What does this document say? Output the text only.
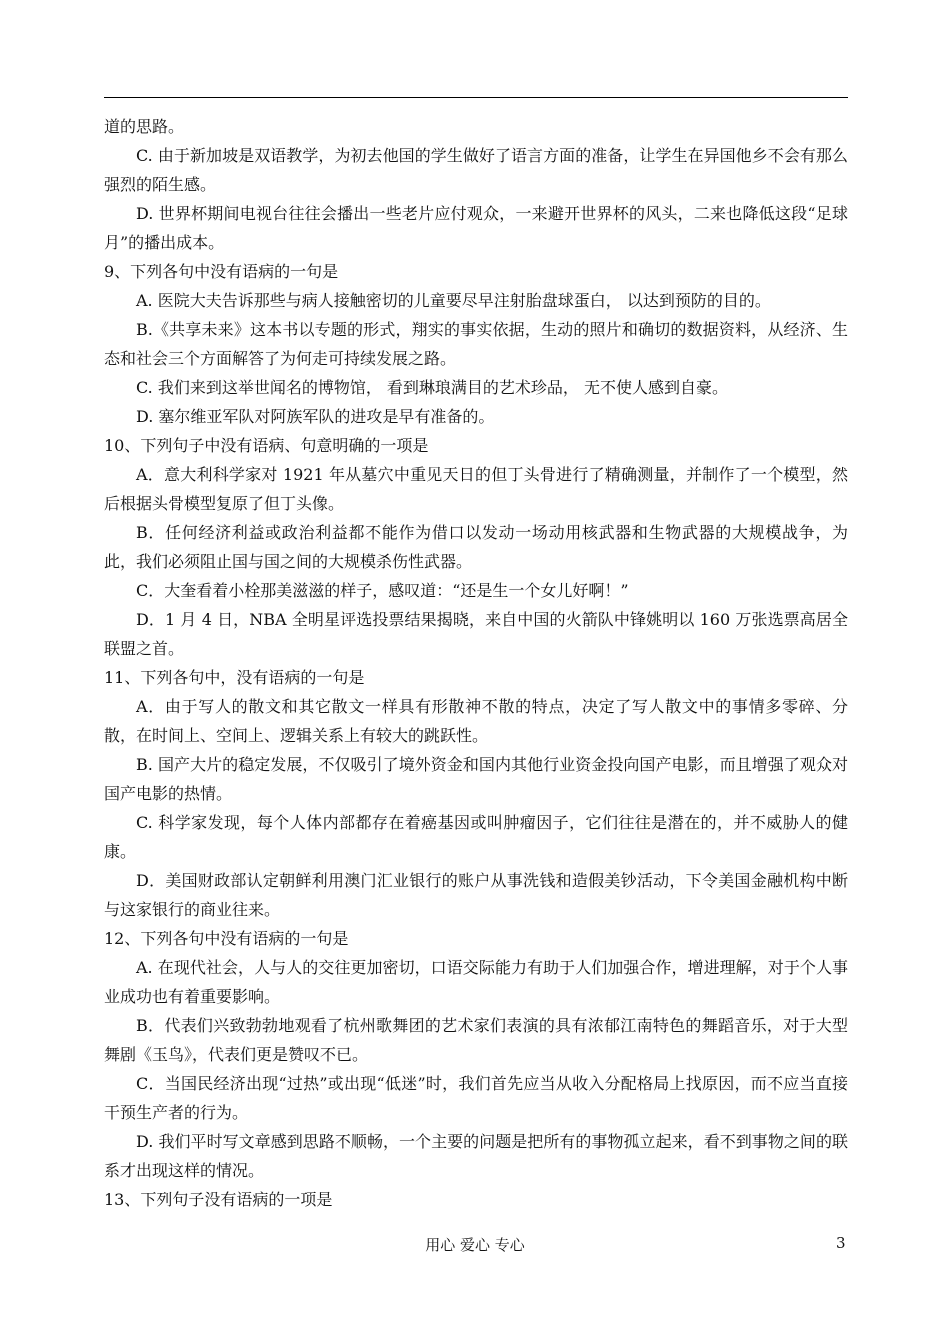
道的思路。

C. 由于新加坡是双语教学，为初去他国的学生做好了语言方面的准备，让学生在异国他乡不会有那么强烈的陌生感。

D. 世界杯期间电视台往往会播出一些老片应付观众，一来避开世界杯的风头，二来也降低这段“足球月”的播出成本。

9、下列各句中没有语病的一句是

A. 医院大夫告诉那些与病人接触密切的儿童要尽早注射胎盘球蛋白， 以达到预防的目的。

B.《共享未来》这本书以专题的形式，翔实的事实依据，生动的照片和确切的数据资料，从经济、生态和社会三个方面解答了为何走可持续发展之路。

C. 我们来到这举世闻名的博物馆， 看到琳琅满目的艺术珍品， 无不使人感到自豪。

D. 塞尔维亚军队对阿族军队的进攻是早有准备的。

10、下列句子中没有语病、句意明确的一项是

A．意大利科学家对 1921 年从墓穴中重见天日的但丁头骨进行了精确测量，并制作了一个模型，然后根据头骨模型复原了但丁头像。

B．任何经济利益或政治利益都不能作为借口以发动一场动用核武器和生物武器的大规模战争，为此，我们必须阻止国与国之间的大规模杀伤性武器。

C．大奎看着小栓那美滋滋的样子，感叹道：“还是生一个女儿好啊！”

D．1 月 4 日，NBA 全明星评选投票结果揭晓，来自中国的火箭队中锋姚明以 160 万张选票高居全联盟之首。

11、下列各句中，没有语病的一句是

A．由于写人的散文和其它散文一样具有形散神不散的特点，决定了写人散文中的事情多零碎、分散，在时间上、空间上、逻辑关系上有较大的跳跃性。

B. 国产大片的稳定发展，不仅吸引了境外资金和国内其他行业资金投向国产电影，而且增强了观众对国产电影的热情。

C. 科学家发现，每个人体内部都存在着癌基因或叫肿瘤因子，它们往往是潜在的，并不威胁人的健康。

D．美国财政部认定朝鲜利用澳门汇业银行的账户从事洗钱和造假美钞活动，下令美国金融机构中断与这家银行的商业往来。

12、下列各句中没有语病的一句是

A. 在现代社会，人与人的交往更加密切，口语交际能力有助于人们加强合作，增进理解，对于个人事业成功也有着重要影响。

B．代表们兴致勃勃地观看了杭州歌舞团的艺术家们表演的具有浓郁江南特色的舞蹈音乐，对于大型舞剧《玉鸟》，代表们更是赞叹不已。

C．当国民经济出现“过热”或出现“低迷”时，我们首先应当从收入分配格局上找原因，而不应当直接干预生产者的行为。

D. 我们平时写文章感到思路不顺畅，一个主要的问题是把所有的事物孤立起来，看不到事物之间的联系才出现这样的情况。

13、下列句子没有语病的一项是

用心 爱心 专心	3
